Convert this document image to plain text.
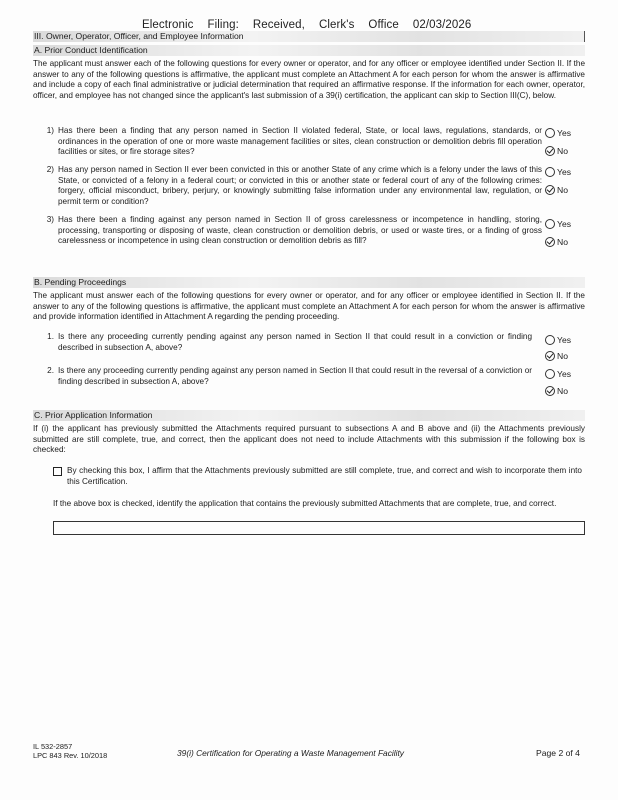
Electronic Filing: Received, Clerk's Office 02/03/2026
III. Owner, Operator, Officer, and Employee Information
A. Prior Conduct Identification
The applicant must answer each of the following questions for every owner or operator, and for any officer or employee identified under Section II. If the answer to any of the following questions is affirmative, the applicant must complete an Attachment A for each person for whom the answer is affirmative and include a copy of each final administrative or judicial determination that required an affirmative response. If the information for each owner, operator, officer, and employee has not changed since the applicant's last submission of a 39(i) certification, the applicant can skip to Section III(C), below.
1) Has there been a finding that any person named in Section II violated federal, State, or local laws, regulations, standards, or ordinances in the operation of one or more waste management facilities or sites, clean construction or demolition debris fill operation facilities or sites, or fire storage sites?
Yes
No
2) Has any person named in Section II ever been convicted in this or another State of any crime which is a felony under the laws of this State, or convicted of a felony in a federal court; or convicted in this or another state or federal court of any of the following crimes: forgery, official misconduct, bribery, perjury, or knowingly submitting false information under any environmental law, regulation, or permit term or condition?
Yes
No
3) Has there been a finding against any person named in Section II of gross carelessness or incompetence in handling, storing, processing, transporting or disposing of waste, clean construction or demolition debris, or used or waste tires, or a finding of gross carelessness or incompetence in using clean construction or demolition debris as fill?
Yes
No
B. Pending Proceedings
The applicant must answer each of the following questions for every owner or operator, and for any officer or employee identified in Section II. If the answer to any of the following questions is affirmative, the applicant must complete an Attachment A for each person for whom the answer is affirmative and provide information identified in Attachment A regarding the pending proceeding.
1. Is there any proceeding currently pending against any person named in Section II that could result in a conviction or finding described in subsection A, above?
Yes
No
2. Is there any proceeding currently pending against any person named in Section II that could result in the reversal of a conviction or finding described in subsection A, above?
Yes
No
C. Prior Application Information
If (i) the applicant has previously submitted the Attachments required pursuant to subsections A and B above and (ii) the Attachments previously submitted are still complete, true, and correct, then the applicant does not need to include Attachments with this submission if the following box is checked:
By checking this box, I affirm that the Attachments previously submitted are still complete, true, and correct and wish to incorporate them into this Certification.
If the above box is checked, identify the application that contains the previously submitted Attachments that are complete, true, and correct.
IL 532-2857
LPC 843 Rev. 10/2018	39(i) Certification for Operating a Waste Management Facility	Page 2 of 4
